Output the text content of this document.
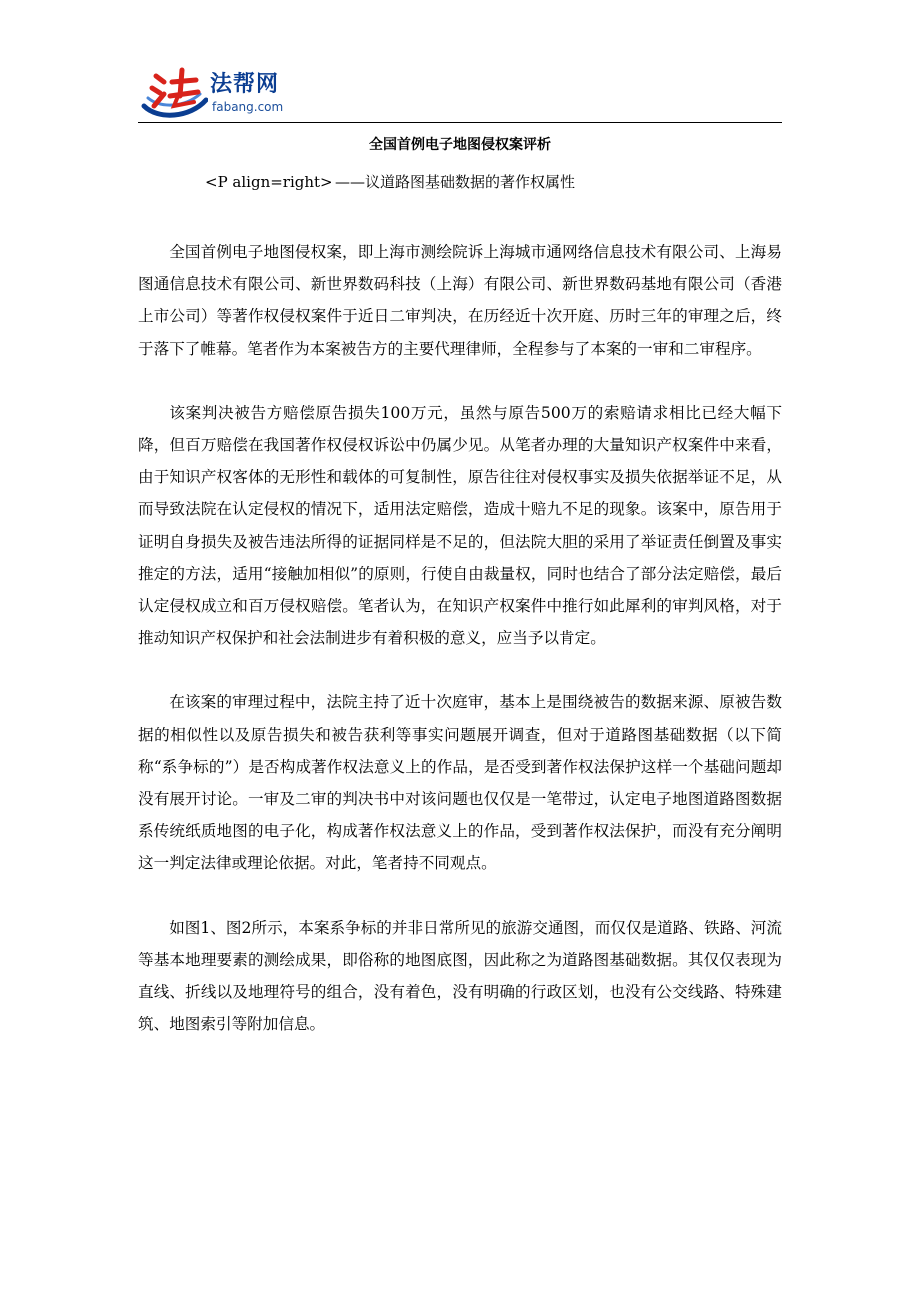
法帮网
fabang.com
全国首例电子地图侵权案评析
<P align=right> ——议道路图基础数据的著作权属性

全国首例电子地图侵权案，即上海市测绘院诉上海城市通网络信息技术有限公司、上海易图通信息技术有限公司、新世界数码科技（上海）有限公司、新世界数码基地有限公司（香港上市公司）等著作权侵权案件于近日二审判决，在历经近十次开庭、历时三年的审理之后，终于落下了帷幕。笔者作为本案被告方的主要代理律师，全程参与了本案的一审和二审程序。

该案判决被告方赔偿原告损失100万元，虽然与原告500万的索赔请求相比已经大幅下降，但百万赔偿在我国著作权侵权诉讼中仍属少见。从笔者办理的大量知识产权案件中来看，由于知识产权客体的无形性和载体的可复制性，原告往往对侵权事实及损失依据举证不足，从而导致法院在认定侵权的情况下，适用法定赔偿，造成十赔九不足的现象。该案中，原告用于证明自身损失及被告违法所得的证据同样是不足的，但法院大胆的采用了举证责任倒置及事实推定的方法，适用“接触加相似”的原则，行使自由裁量权，同时也结合了部分法定赔偿，最后认定侵权成立和百万侵权赔偿。笔者认为，在知识产权案件中推行如此犀利的审判风格，对于推动知识产权保护和社会法制进步有着积极的意义，应当予以肯定。

在该案的审理过程中，法院主持了近十次庭审，基本上是围绕被告的数据来源、原被告数据的相似性以及原告损失和被告获利等事实问题展开调查，但对于道路图基础数据（以下简称“系争标的”）是否构成著作权法意义上的作品，是否受到著作权法保护这样一个基础问题却没有展开讨论。一审及二审的判决书中对该问题也仅仅是一笔带过，认定电子地图道路图数据系传统纸质地图的电子化，构成著作权法意义上的作品，受到著作权法保护，而没有充分阐明这一判定法律或理论依据。对此，笔者持不同观点。

如图1、图2所示，本案系争标的并非日常所见的旅游交通图，而仅仅是道路、铁路、河流等基本地理要素的测绘成果，即俗称的地图底图，因此称之为道路图基础数据。其仅仅表现为直线、折线以及地理符号的组合，没有着色，没有明确的行政区划，也没有公交线路、特殊建筑、地图索引等附加信息。
